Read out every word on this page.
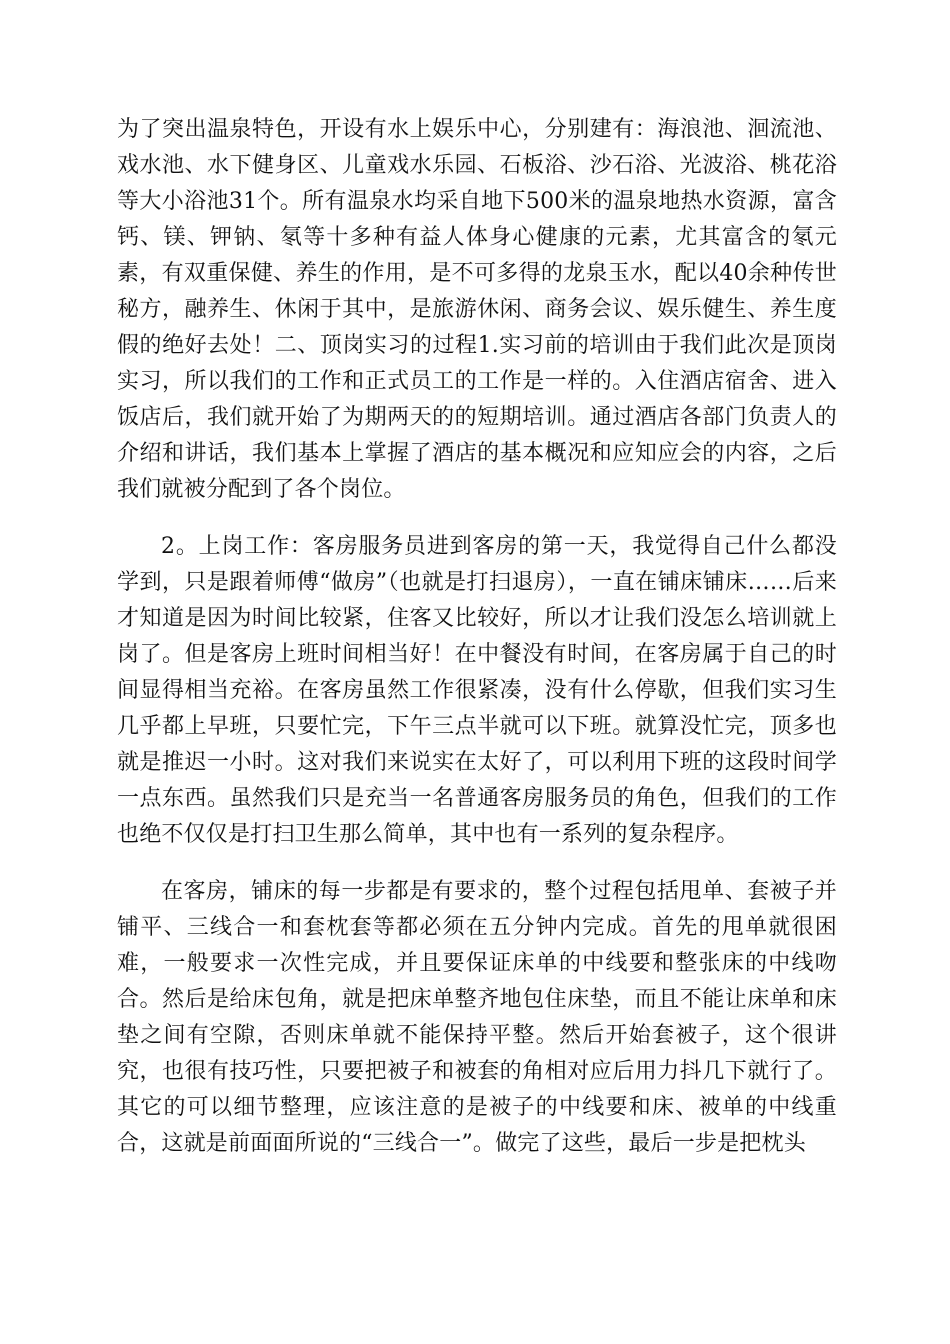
为了突出温泉特色，开设有水上娱乐中心，分别建有：海浪池、洄流池、戏水池、水下健身区、儿童戏水乐园、石板浴、沙石浴、光波浴、桃花浴等大小浴池31个。所有温泉水均采自地下500米的温泉地热水资源，富含钙、镁、钾钠、氡等十多种有益人体身心健康的元素，尤其富含的氡元素，有双重保健、养生的作用，是不可多得的龙泉玉水，配以40余种传世秘方，融养生、休闲于其中，是旅游休闲、商务会议、娱乐健生、养生度假的绝好去处！二、顶岗实习的过程1.实习前的培训由于我们此次是顶岗实习，所以我们的工作和正式员工的工作是一样的。入住酒店宿舍、进入饭店后，我们就开始了为期两天的的短期培训。通过酒店各部门负责人的介绍和讲话，我们基本上掌握了酒店的基本概况和应知应会的内容，之后我们就被分配到了各个岗位。

2。上岗工作：客房服务员进到客房的第一天，我觉得自己什么都没学到，只是跟着师傅“做房”（也就是打扫退房），一直在铺床铺床……后来才知道是因为时间比较紧，住客又比较好，所以才让我们没怎么培训就上岗了。但是客房上班时间相当好！在中餐没有时间，在客房属于自己的时间显得相当充裕。在客房虽然工作很紧凑，没有什么停歇，但我们实习生几乎都上早班，只要忙完，下午三点半就可以下班。就算没忙完，顶多也就是推迟一小时。这对我们来说实在太好了，可以利用下班的这段时间学一点东西。虽然我们只是充当一名普通客房服务员的角色，但我们的工作也绝不仅仅是打扫卫生那么简单，其中也有一系列的复杂程序。

在客房，铺床的每一步都是有要求的，整个过程包括甩单、套被子并铺平、三线合一和套枕套等都必须在五分钟内完成。首先的甩单就很困难，一般要求一次性完成，并且要保证床单的中线要和整张床的中线吻合。然后是给床包角，就是把床单整齐地包住床垫，而且不能让床单和床垫之间有空隙，否则床单就不能保持平整。然后开始套被子，这个很讲究，也很有技巧性，只要把被子和被套的角相对应后用力抖几下就行了。其它的可以细节整理，应该注意的是被子的中线要和床、被单的中线重合，这就是前面面所说的“三线合一”。做完了这些，最后一步是把枕头
